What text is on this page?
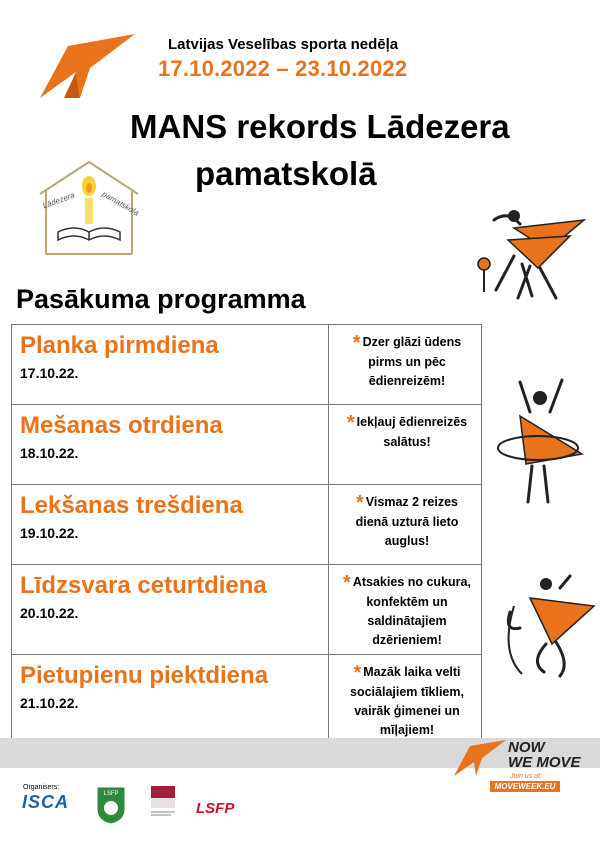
Latvijas Veselības sporta nedēļa
17.10.2022 – 23.10.2022
MANS rekords Lādezera
pamatskolā
Lādezera	pamatskola
Pasākuma programma
Planka pirmdiena
17.10.22.	* Dzer glāzi ūdens pirms un pēc ēdienreizēm!

Mešanas otrdiena
18.10.22.	* Iekļauj ēdienreizēs salātus!

Lekšanas trešdiena
19.10.22.	* Vismaz 2 reizes dienā uzturā lieto auglus!

Līdzsvara ceturtdiena
20.10.22.	* Atsakies no cukura, konfektēm un saldinātajiem dzērieniem!

Pietupienu piektdiena
21.10.22.	* Mazāk laika velti sociālajiem tīkliem, vairāk ģimenei un mīļajiem!
NOW
WE MOVE
Join us at:
MOVEWEEK.EU
Organisers:
ISCA	LSFP
LSFP
